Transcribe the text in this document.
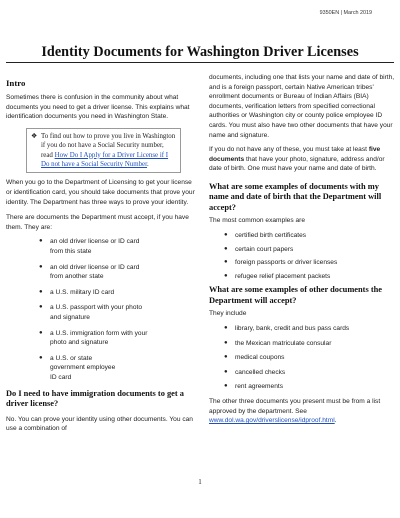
9350EN | March 2019
Identity Documents for Washington Driver Licenses
Intro

Sometimes there is confusion in the community about what documents you need to get a driver license. This explains what identification documents you need in Washington State.

❖ To find out how to prove you live in Washington if you do not have a Social Security number, read How Do I Apply for a Driver License if I Do not have a Social Security Number.

When you go to the Department of Licensing to get your license or identification card, you should take documents that prove your identity. The Department has three ways to prove your identity.

There are documents the Department must accept, if you have them. They are:

● an old driver license or ID card from this state
● an old driver license or ID card from another state
● a U.S. military ID card
● a U.S. passport with your photo and signature
● a U.S. immigration form with your photo and signature
● a U.S. or state government employee ID card
Do I need to have immigration documents to get a driver license?

No. You can prove your identity using other documents. You can use a combination of

documents, including one that lists your name and date of birth, and is a foreign passport, certain Native American tribes' enrollment documents or Bureau of Indian Affairs (BIA) documents, verification letters from specified correctional authorities or Washington city or county police employee ID cards. You must also have two other documents that have your name and signature.

If you do not have any of these, you must take at least five documents that have your photo, signature, address and/or date of birth. One must have your name and date of birth.

What are some examples of documents with my name and date of birth that the Department will accept?

The most common examples are

● certified birth certificates
● certain court papers
● foreign passports or driver licenses
● refugee relief placement packets
What are some examples of other documents the Department will accept?

They include

● library, bank, credit and bus pass cards
● the Mexican matriculate consular
● medical coupons
● cancelled checks
● rent agreements

The other three documents you present must be from a list approved by the department. See www.dol.wa.gov/driverslicense/idproof.html.

1
